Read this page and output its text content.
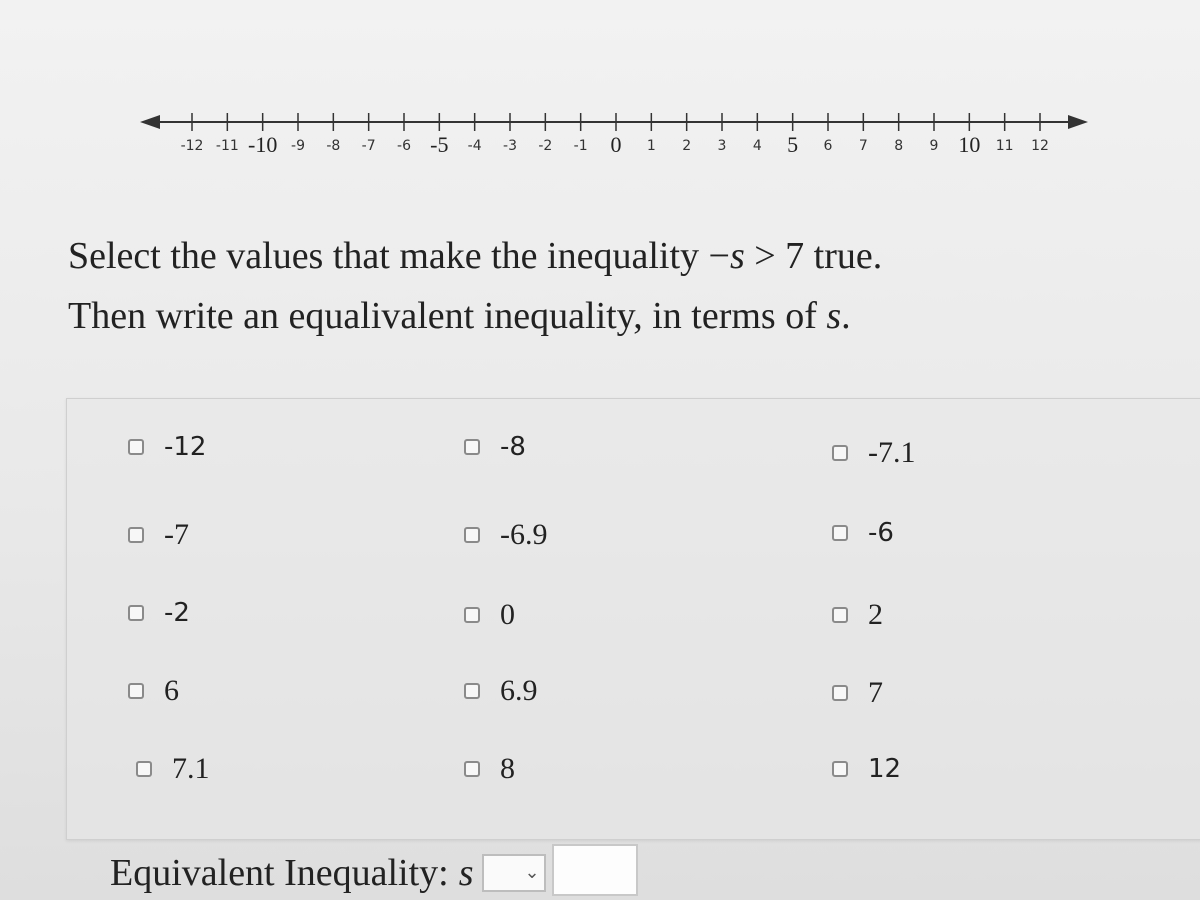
-12 -11	-9 -8 -7 -6	-4 -3 -2 -1	1 2 3 4	6 7 8 9	11 12
-10	-5	0	5	10

Select the values that make the inequality −s > 7 true.

Then write an equalivalent inequality, in terms of s.

-12	-8	-7.1
-7	-6.9	-6
-2	0	2
6	6.9	7
7.1	8	12
Equivalent Inequality: s	⌄
